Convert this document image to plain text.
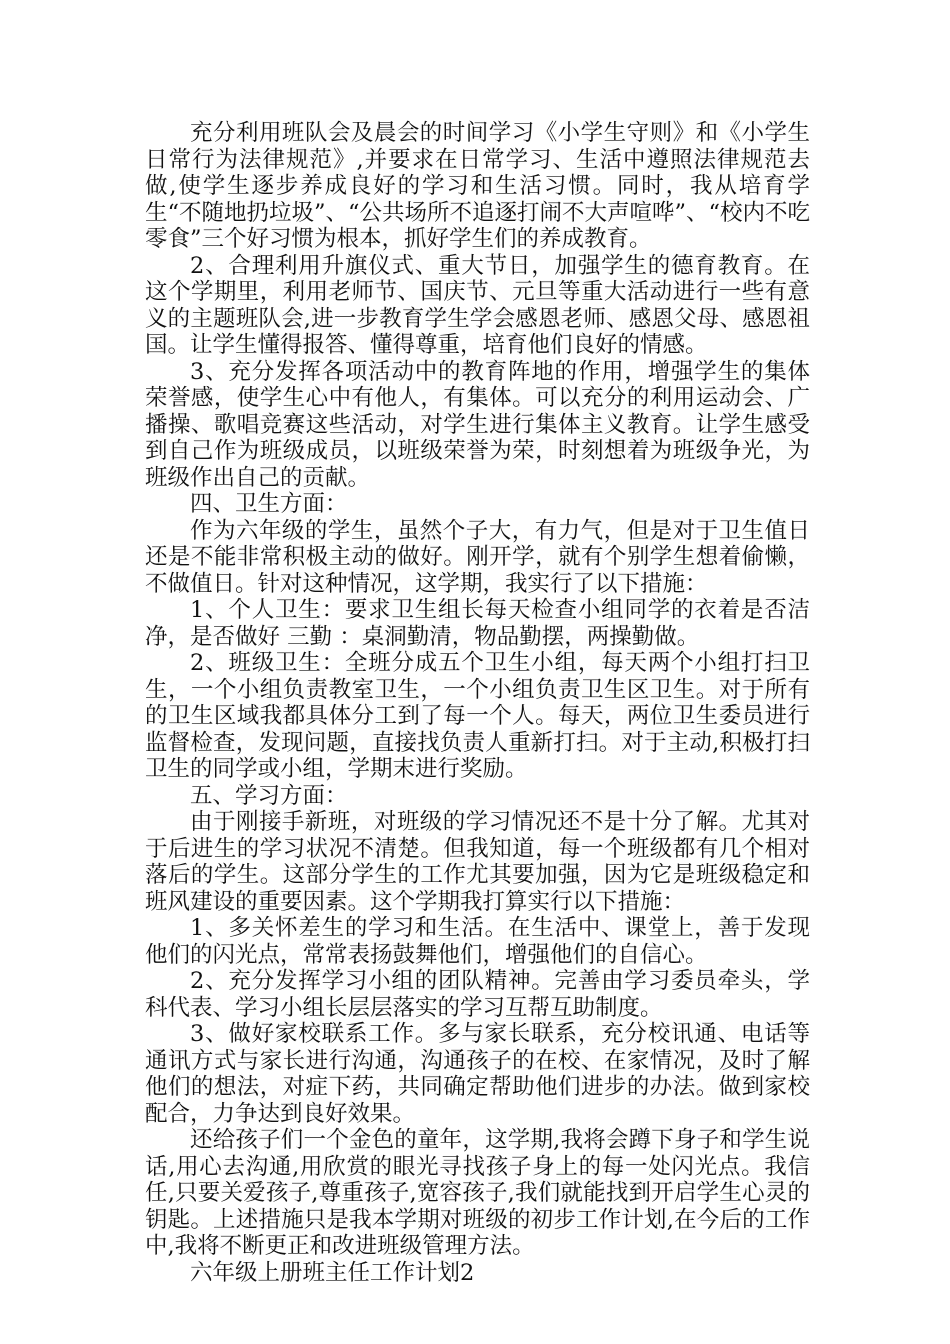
充分利用班队会及晨会的时间学习《小学生守则》和《小学生日常行为法律规范》,并要求在日常学习、生活中遵照法律规范去做,使学生逐步养成良好的学习和生活习惯。同时，我从培育学生“不随地扔垃圾”、“公共场所不追逐打闹不大声喧哗”、“校内不吃零食”三个好习惯为根本，抓好学生们的养成教育。

2、合理利用升旗仪式、重大节日，加强学生的德育教育。在这个学期里，利用老师节、国庆节、元旦等重大活动进行一些有意义的主题班队会,进一步教育学生学会感恩老师、感恩父母、感恩祖国。让学生懂得报答、懂得尊重，培育他们良好的情感。

3、充分发挥各项活动中的教育阵地的作用，增强学生的集体荣誉感，使学生心中有他人，有集体。可以充分的利用运动会、广播操、歌唱竞赛这些活动，对学生进行集体主义教育。让学生感受到自己作为班级成员，以班级荣誉为荣，时刻想着为班级争光，为班级作出自己的贡献。

四、卫生方面：

作为六年级的学生，虽然个子大，有力气，但是对于卫生值日还是不能非常积极主动的做好。刚开学，就有个别学生想着偷懒，不做值日。针对这种情况，这学期，我实行了以下措施：

1、个人卫生：要求卫生组长每天检查小组同学的衣着是否洁净，是否做好 三勤 ：桌洞勤清，物品勤摆，两操勤做。

2、班级卫生：全班分成五个卫生小组，每天两个小组打扫卫生，一个小组负责教室卫生，一个小组负责卫生区卫生。对于所有的卫生区域我都具体分工到了每一个人。每天，两位卫生委员进行监督检查，发现问题，直接找负责人重新打扫。对于主动,积极打扫卫生的同学或小组，学期末进行奖励。

五、学习方面：

由于刚接手新班，对班级的学习情况还不是十分了解。尤其对于后进生的学习状况不清楚。但我知道，每一个班级都有几个相对落后的学生。这部分学生的工作尤其要加强，因为它是班级稳定和班风建设的重要因素。这个学期我打算实行以下措施：

1、多关怀差生的学习和生活。在生活中、课堂上，善于发现他们的闪光点，常常表扬鼓舞他们，增强他们的自信心。

2、充分发挥学习小组的团队精神。完善由学习委员牵头，学科代表、学习小组长层层落实的学习互帮互助制度。

3、做好家校联系工作。多与家长联系，充分校讯通、电话等通讯方式与家长进行沟通，沟通孩子的在校、在家情况，及时了解他们的想法，对症下药，共同确定帮助他们进步的办法。做到家校配合，力争达到良好效果。

还给孩子们一个金色的童年，这学期,我将会蹲下身子和学生说话,用心去沟通,用欣赏的眼光寻找孩子身上的每一处闪光点。我信任,只要关爱孩子,尊重孩子,宽容孩子,我们就能找到开启学生心灵的钥匙。上述措施只是我本学期对班级的初步工作计划,在今后的工作中,我将不断更正和改进班级管理方法。

六年级上册班主任工作计划2
